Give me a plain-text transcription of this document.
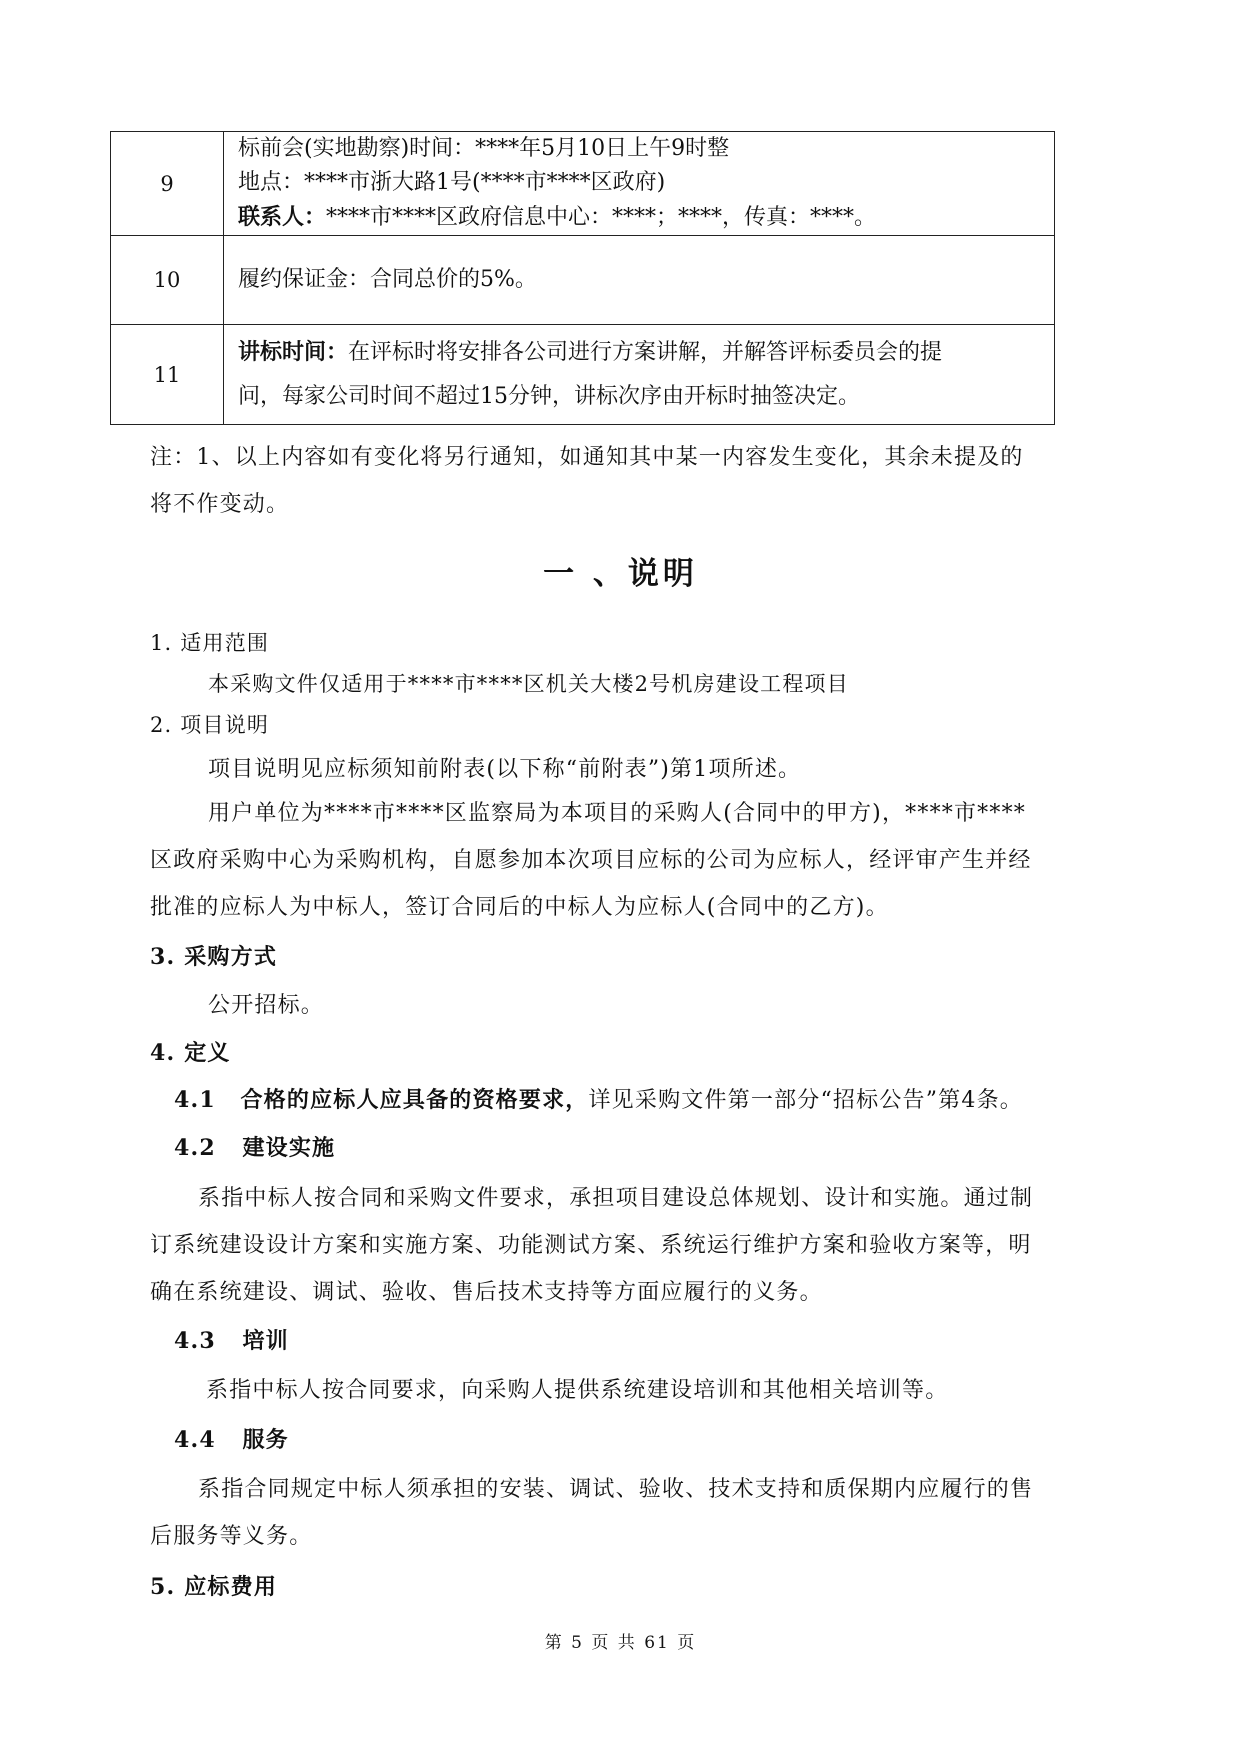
9	标前会(实地勘察)时间：****年5月10日上午9时整
地点：****市浙大路1号(****市****区政府)
联系人：****市****区政府信息中心：****；****，传真：****。

10	履约保证金：合同总价的5%。

11	讲标时间：在评标时将安排各公司进行方案讲解，并解答评标委员会的提
问，每家公司时间不超过15分钟，讲标次序由开标时抽签决定。
注：1、以上内容如有变化将另行通知，如通知其中某一内容发生变化，其余未提及的
将不作变动。
一 、说明
1. 适用范围
本采购文件仅适用于****市****区机关大楼2号机房建设工程项目
2. 项目说明
项目说明见应标须知前附表(以下称“前附表”)第1项所述。
用户单位为****市****区监察局为本项目的采购人(合同中的甲方)，****市****
区政府采购中心为采购机构，自愿参加本次项目应标的公司为应标人，经评审产生并经
批准的应标人为中标人，签订合同后的中标人为应标人(合同中的乙方)。
3. 采购方式
公开招标。
4. 定义
4.1 合格的应标人应具备的资格要求，详见采购文件第一部分“招标公告”第4条。
4.2 建设实施
系指中标人按合同和采购文件要求，承担项目建设总体规划、设计和实施。通过制
订系统建设设计方案和实施方案、功能测试方案、系统运行维护方案和验收方案等，明
确在系统建设、调试、验收、售后技术支持等方面应履行的义务。
4.3 培训
系指中标人按合同要求，向采购人提供系统建设培训和其他相关培训等。
4.4 服务
系指合同规定中标人须承担的安装、调试、验收、技术支持和质保期内应履行的售
后服务等义务。
5. 应标费用
第 5 页 共 61 页
